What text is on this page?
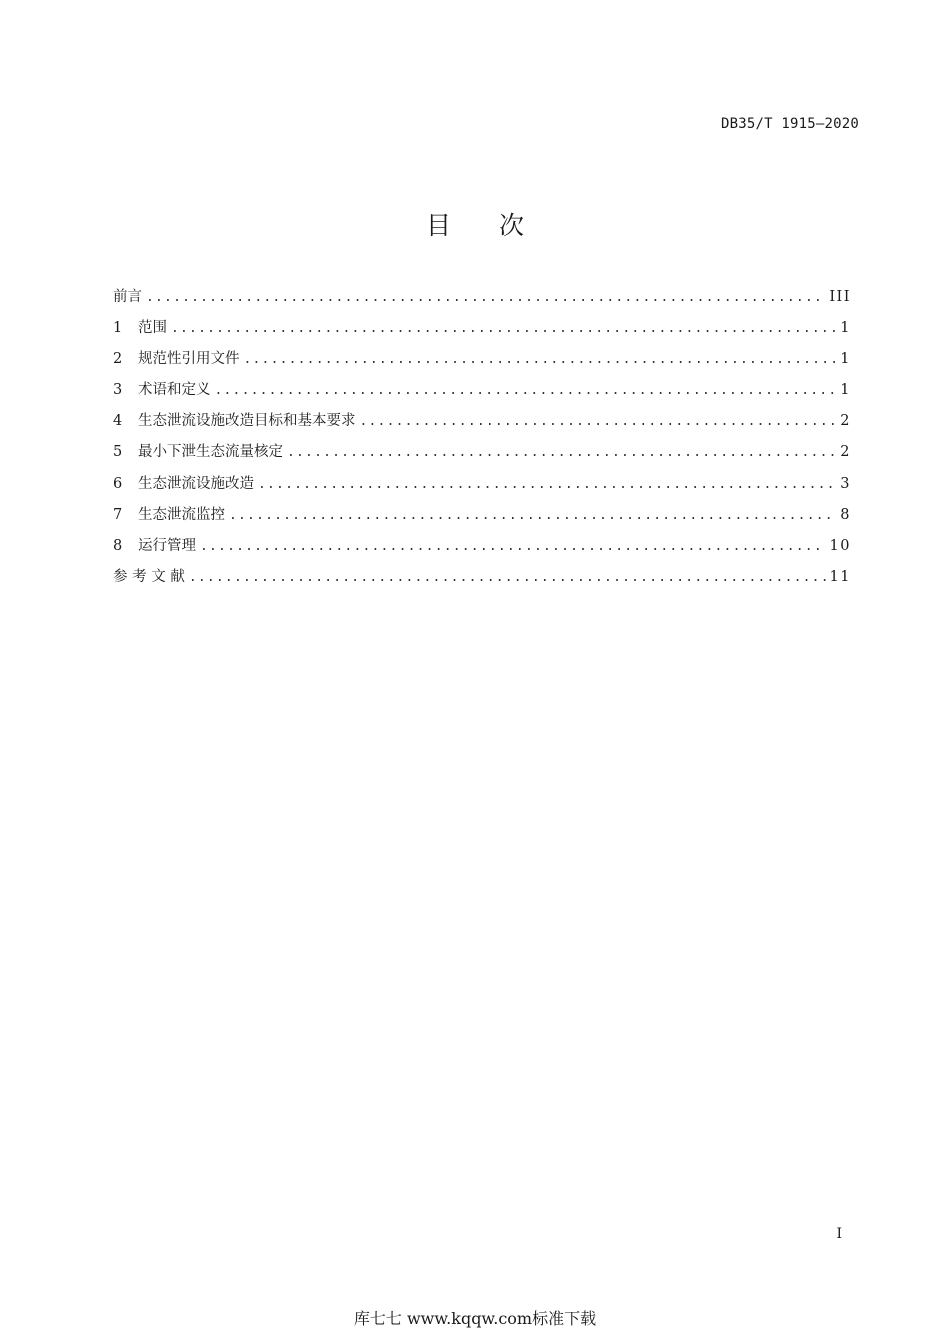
DB35/T 1915—2020
目次
前言 .....	III
1	范围 .....	1
2	规范性引用文件 .....	1
3	术语和定义 .....	1
4	生态泄流设施改造目标和基本要求 .....	2
5	最小下泄生态流量核定 .....	2
6	生态泄流设施改造 .....	3
7	生态泄流监控 .....	8
8	运行管理 .....	10
参 考 文 献 .....	11
I
库七七 www.kqqw.com标准下载
